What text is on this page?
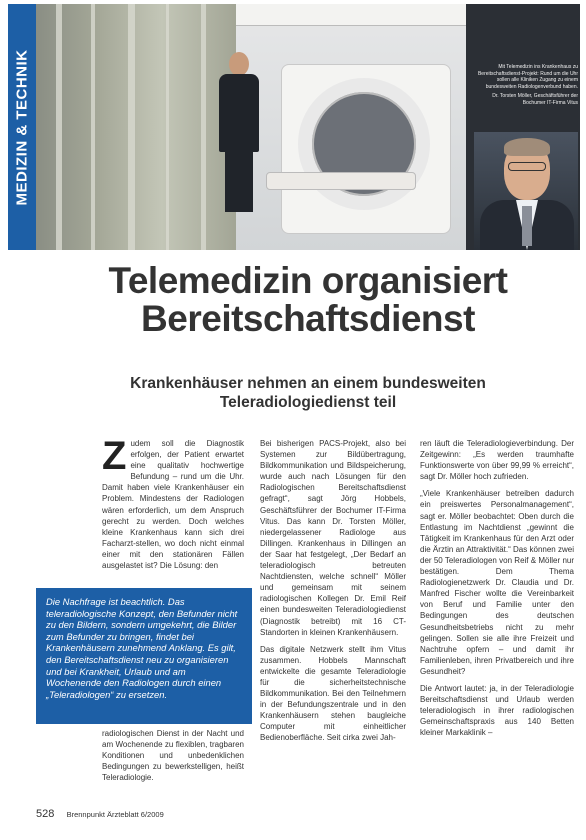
MEDIZIN & TECHNIK	Mit Telemedizin ins Krankenhaus zu Bereitschaftsdienst-Projekt: Rund um die Uhr sollen alle Kliniken Zugang zu einem bundesweiten Radiologenverbund haben.
Dr. Torsten Möller, Geschäftsführer der Bochumer IT-Firma Vitus
Telemedizin organisiert
Bereitschaftsdienst
Krankenhäuser nehmen an einem bundesweiten
Teleradiologiedienst teil

Zudem soll die Diagnostik erfolgen, der Patient erwartet eine qualitativ hochwertige Befundung – rund um die Uhr. Damit haben viele Krankenhäuser ein Problem. Mindestens der Radiologen wären erforderlich, um dem Anspruch gerecht zu werden. Doch welches kleine Krankenhaus kann sich drei Facharzt-stellen, wo doch nicht einmal einer mit den stationären Fällen ausgelastet ist? Die Lösung: den

Die Nachfrage ist beachtlich. Das teleradiologische Konzept, den Befunder nicht zu den Bildern, sondern umgekehrt, die Bilder zum Befunder zu bringen, findet bei Krankenhäusern zunehmend Anklang. Es gilt, den Bereitschaftsdienst neu zu organisieren und bei Krankheit, Urlaub und am Wochenende den Radiologen durch einen „Teleradiologen“ zu ersetzen.

radiologischen Dienst in der Nacht und am Wochenende zu flexiblen, tragbaren Konditionen und unbedenklichen Bedingungen zu bewerkstelligen, heißt Teleradiologie.

Bei bisherigen PACS-Projekt, also bei Systemen zur Bildübertragung, Bildkommunikation und Bildspeicherung, wurde auch nach Lösungen für den Radiologischen Bereitschaftsdienst gefragt“, sagt Jörg Hobbels, Geschäftsführer der Bochumer IT-Firma Vitus. Das kann Dr. Torsten Möller, niedergelassener Radiologe aus Dillingen. Krankenhaus in Dillingen an der Saar hat festgelegt, „Der Bedarf an teleradiologisch betreuten Nachtdiensten, welche schnell“ Möller und gemeinsam mit seinem radiologischen Kollegen Dr. Emil Reif einen bundesweiten Teleradiologiedienst (Diagnostik betreibt) mit 16 CT-Standorten in kleinen Krankenhäusern.

Das digitale Netzwerk stellt ihm Vitus zusammen. Hobbels Mannschaft entwickelte die gesamte Teleradiologie für die sicherheitstechnische Bildkommunikation. Bei den Teilnehmern in der Befundungszentrale und in den Krankenhäusern stehen baugleiche Computer mit einheitlicher Bedienoberfläche. Seit cirka zwei Jah-

ren läuft die Teleradiologieverbindung. Der Zeitgewinn: „Es werden traumhafte Funktionswerte von über 99,99 % erreicht“, sagt Dr. Möller hoch zufrieden.

„Viele Krankenhäuser betreiben dadurch ein preiswertes Personalmanagement“, sagt er. Möller beobachtet: Oben durch die Entlastung im Nachtdienst „gewinnt die Tätigkeit im Krankenhaus für den Arzt oder die Ärztin an Attraktivität.“ Das können zwei der 50 Teleradiologen von Reif & Möller nur bestätigen. Dem Thema Radiologienetzwerk Dr. Claudia und Dr. Manfred Fischer wollte die Vereinbarkeit von Beruf und Familie unter den Bedingungen des deutschen Gesundheitsbetriebs nicht zu mehr gelingen. Sollen sie alle ihre Freizeit und Nachtruhe opfern – und damit ihr Familienleben, ihren Privatbereich und ihre Gesundheit?

Die Antwort lautet: ja, in der Teleradiologie Bereitschaftsdienst und Urlaub werden teleradiologisch in ihrer radiologischen Gemeinschaftspraxis aus 140 Betten kleiner Markaklinik –

528 Brennpunkt Ärzteblatt 6/2009
